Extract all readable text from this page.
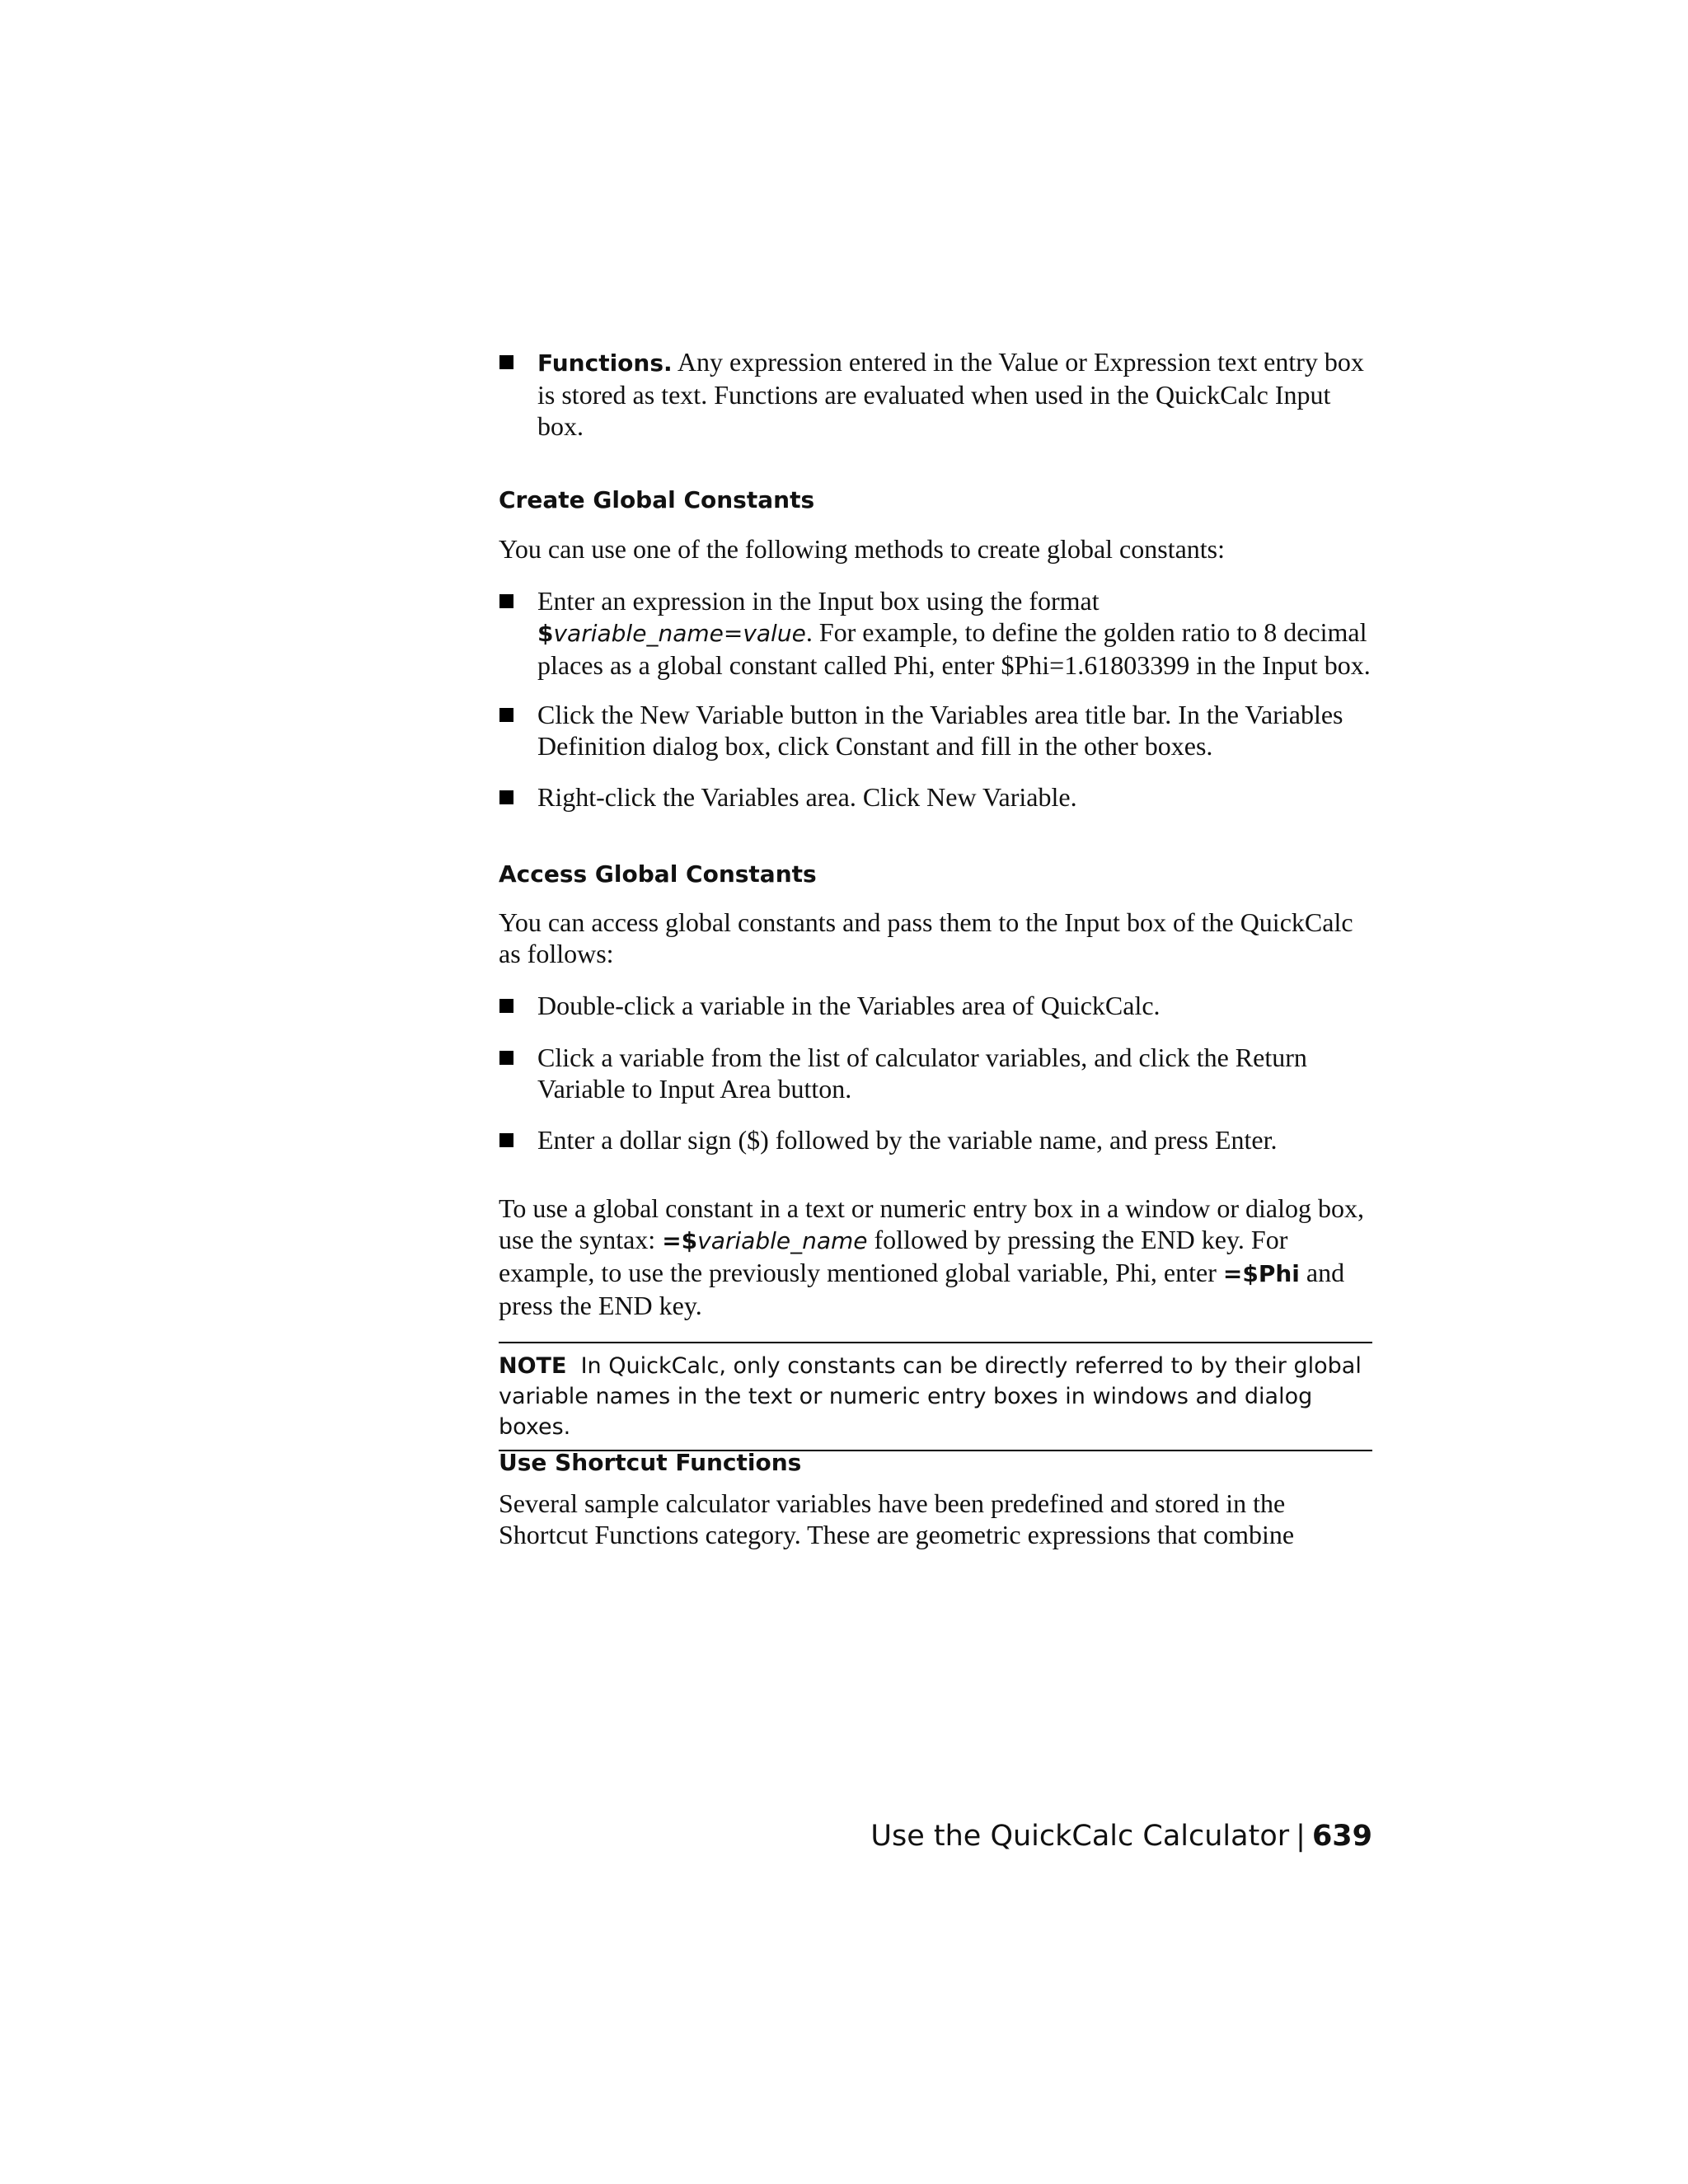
Functions. Any expression entered in the Value or Expression text entry box is stored as text. Functions are evaluated when used in the QuickCalc Input box.
Create Global Constants
You can use one of the following methods to create global constants:
Enter an expression in the Input box using the format $variable_name=value. For example, to define the golden ratio to 8 decimal places as a global constant called Phi, enter $Phi=1.61803399 in the Input box.
Click the New Variable button in the Variables area title bar. In the Variables Definition dialog box, click Constant and fill in the other boxes.
Right-click the Variables area. Click New Variable.
Access Global Constants
You can access global constants and pass them to the Input box of the QuickCalc as follows:
Double-click a variable in the Variables area of QuickCalc.
Click a variable from the list of calculator variables, and click the Return Variable to Input Area button.
Enter a dollar sign ($) followed by the variable name, and press Enter.
To use a global constant in a text or numeric entry box in a window or dialog box, use the syntax: =$variable_name followed by pressing the END key. For example, to use the previously mentioned global variable, Phi, enter =$Phi and press the END key.
NOTE In QuickCalc, only constants can be directly referred to by their global variable names in the text or numeric entry boxes in windows and dialog boxes.
Use Shortcut Functions
Several sample calculator variables have been predefined and stored in the Shortcut Functions category. These are geometric expressions that combine
Use the QuickCalc Calculator | 639
